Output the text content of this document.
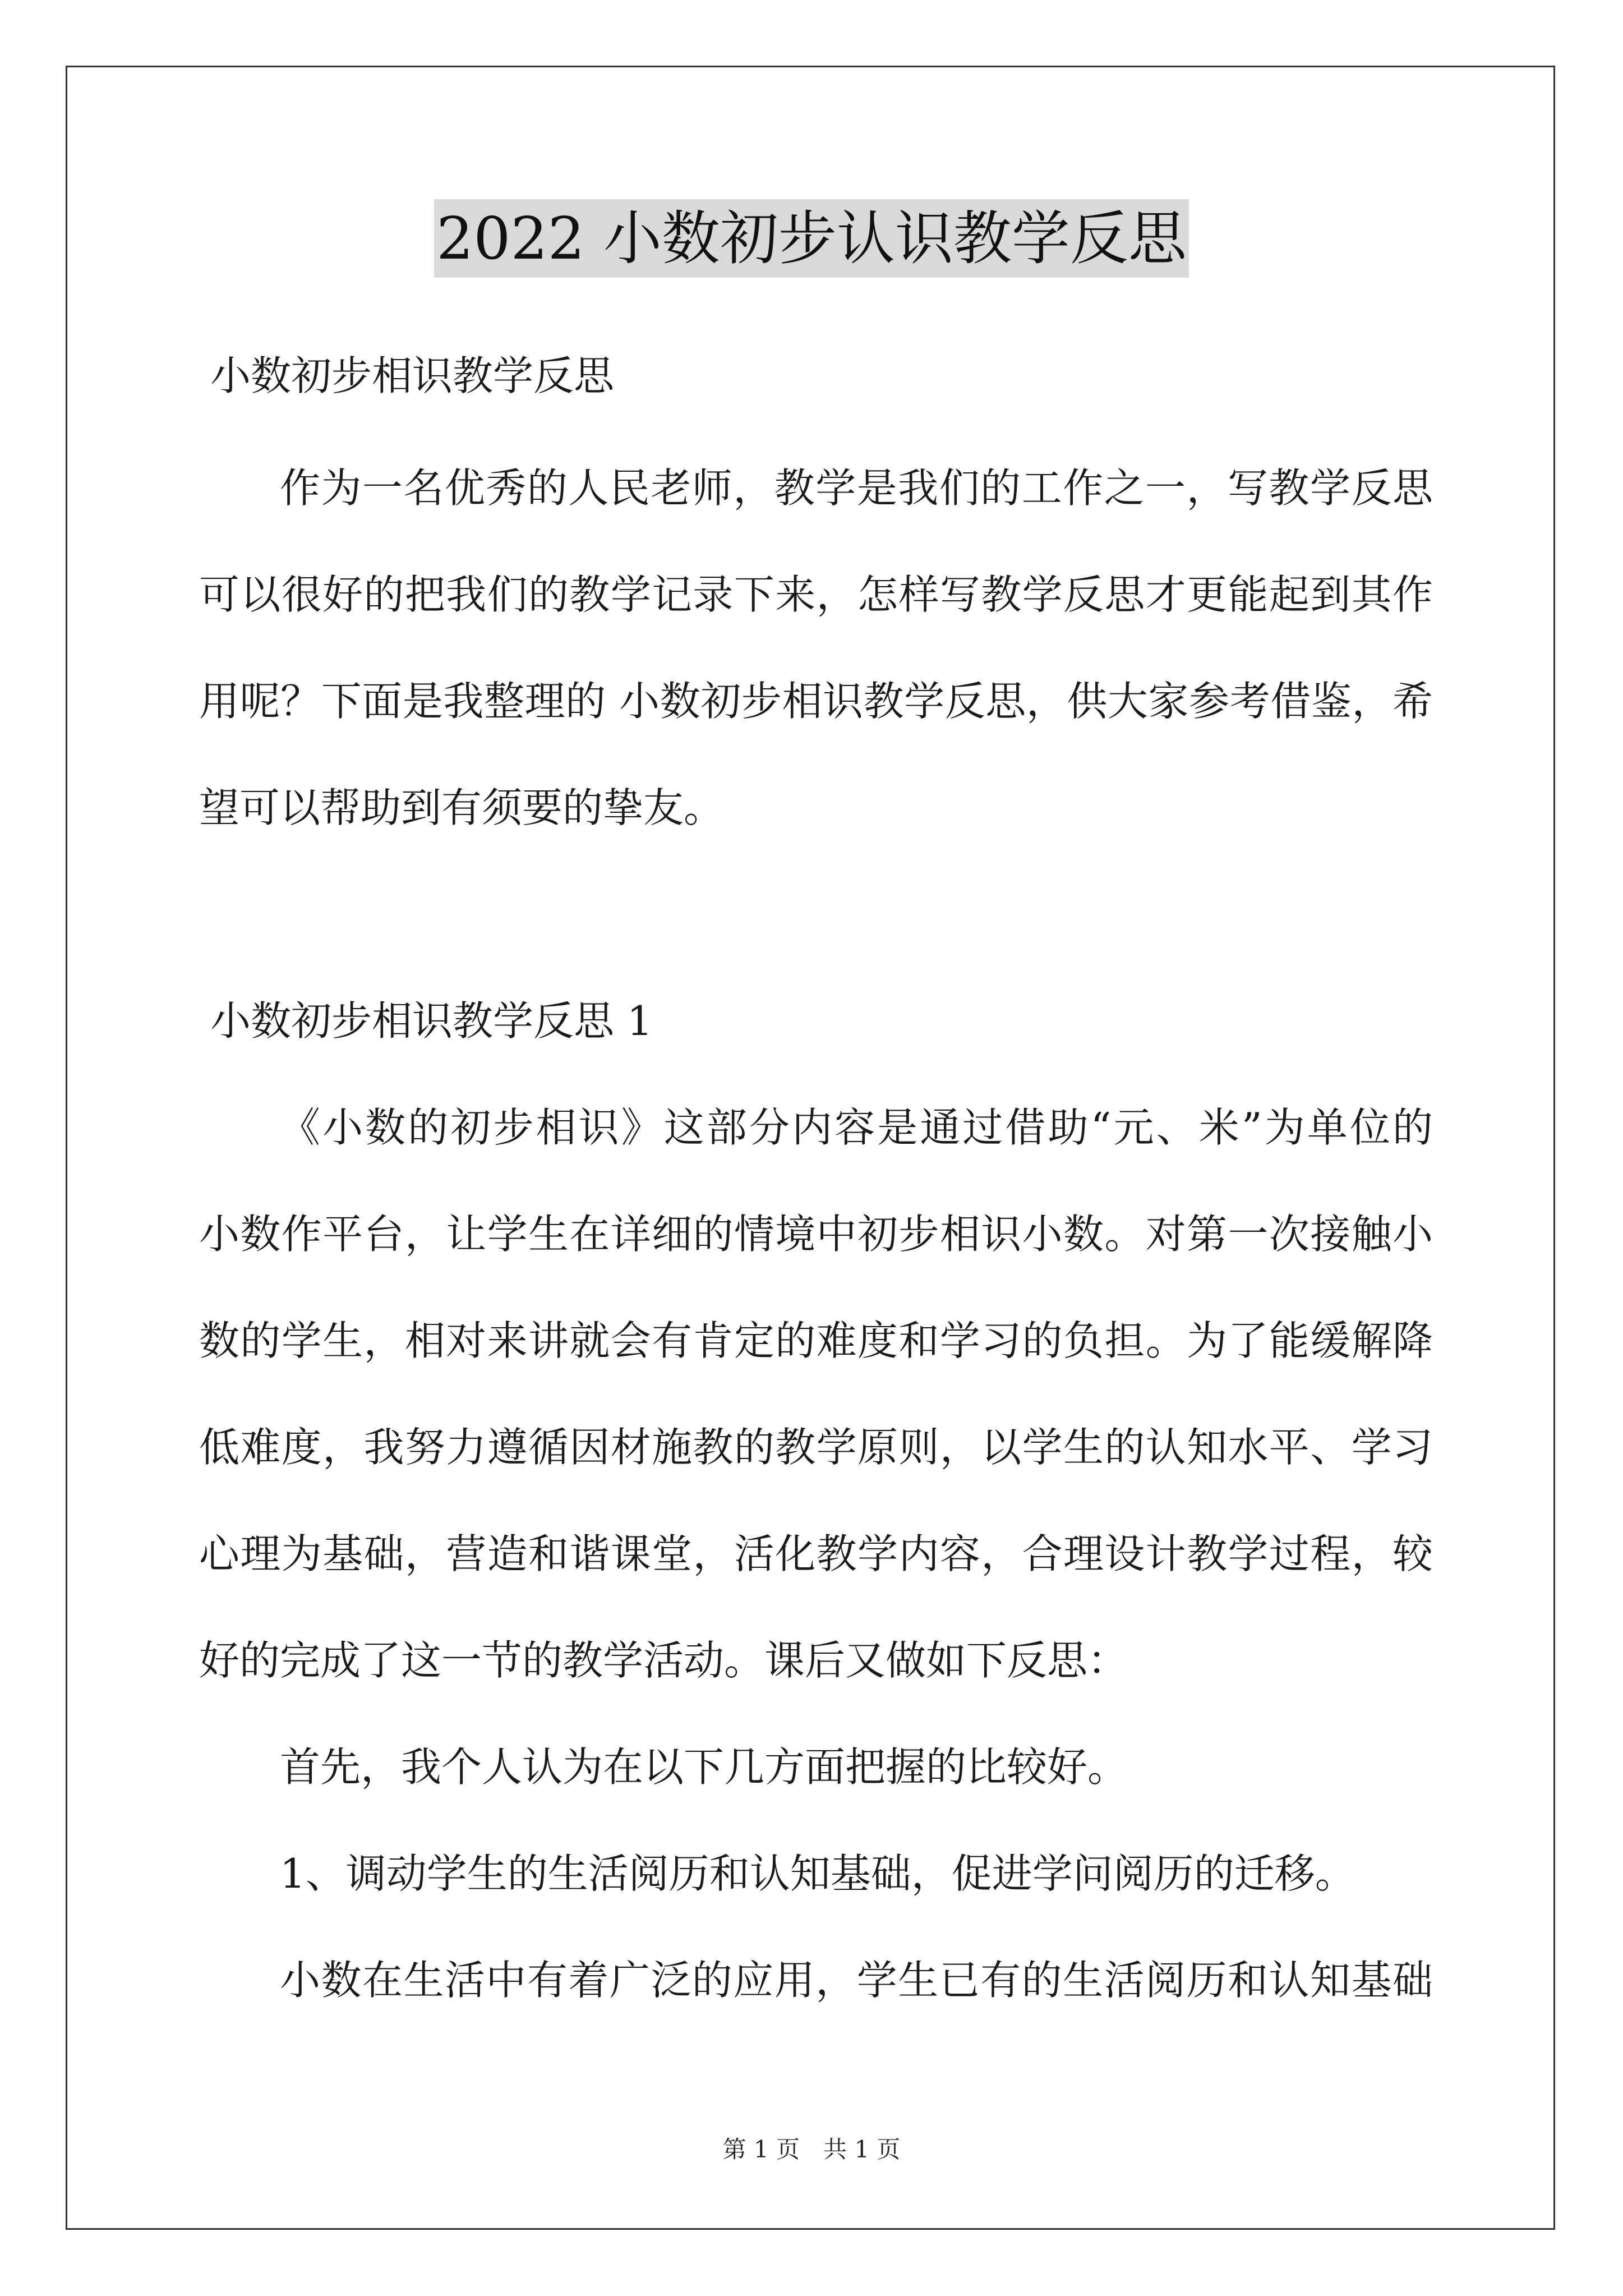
2022 小数初步认识教学反思
小数初步相识教学反思
作为一名优秀的人民老师，教学是我们的工作之一，写教学反思
可以很好的把我们的教学记录下来，怎样写教学反思才更能起到其作
用呢？下面是我整理的 小数初步相识教学反思，供大家参考借鉴，希
望可以帮助到有须要的挚友。
小数初步相识教学反思 1
《小数的初步相识》这部分内容是通过借助“元、米”为单位的
小数作平台，让学生在详细的情境中初步相识小数。对第一次接触小
数的学生，相对来讲就会有肯定的难度和学习的负担。为了能缓解降
低难度，我努力遵循因材施教的教学原则，以学生的认知水平、学习
心理为基础，营造和谐课堂，活化教学内容，合理设计教学过程，较
好的完成了这一节的教学活动。课后又做如下反思：
首先，我个人认为在以下几方面把握的比较好。
1、调动学生的生活阅历和认知基础，促进学问阅历的迁移。
小数在生活中有着广泛的应用，学生已有的生活阅历和认知基础
第 1 页　共 1 页
